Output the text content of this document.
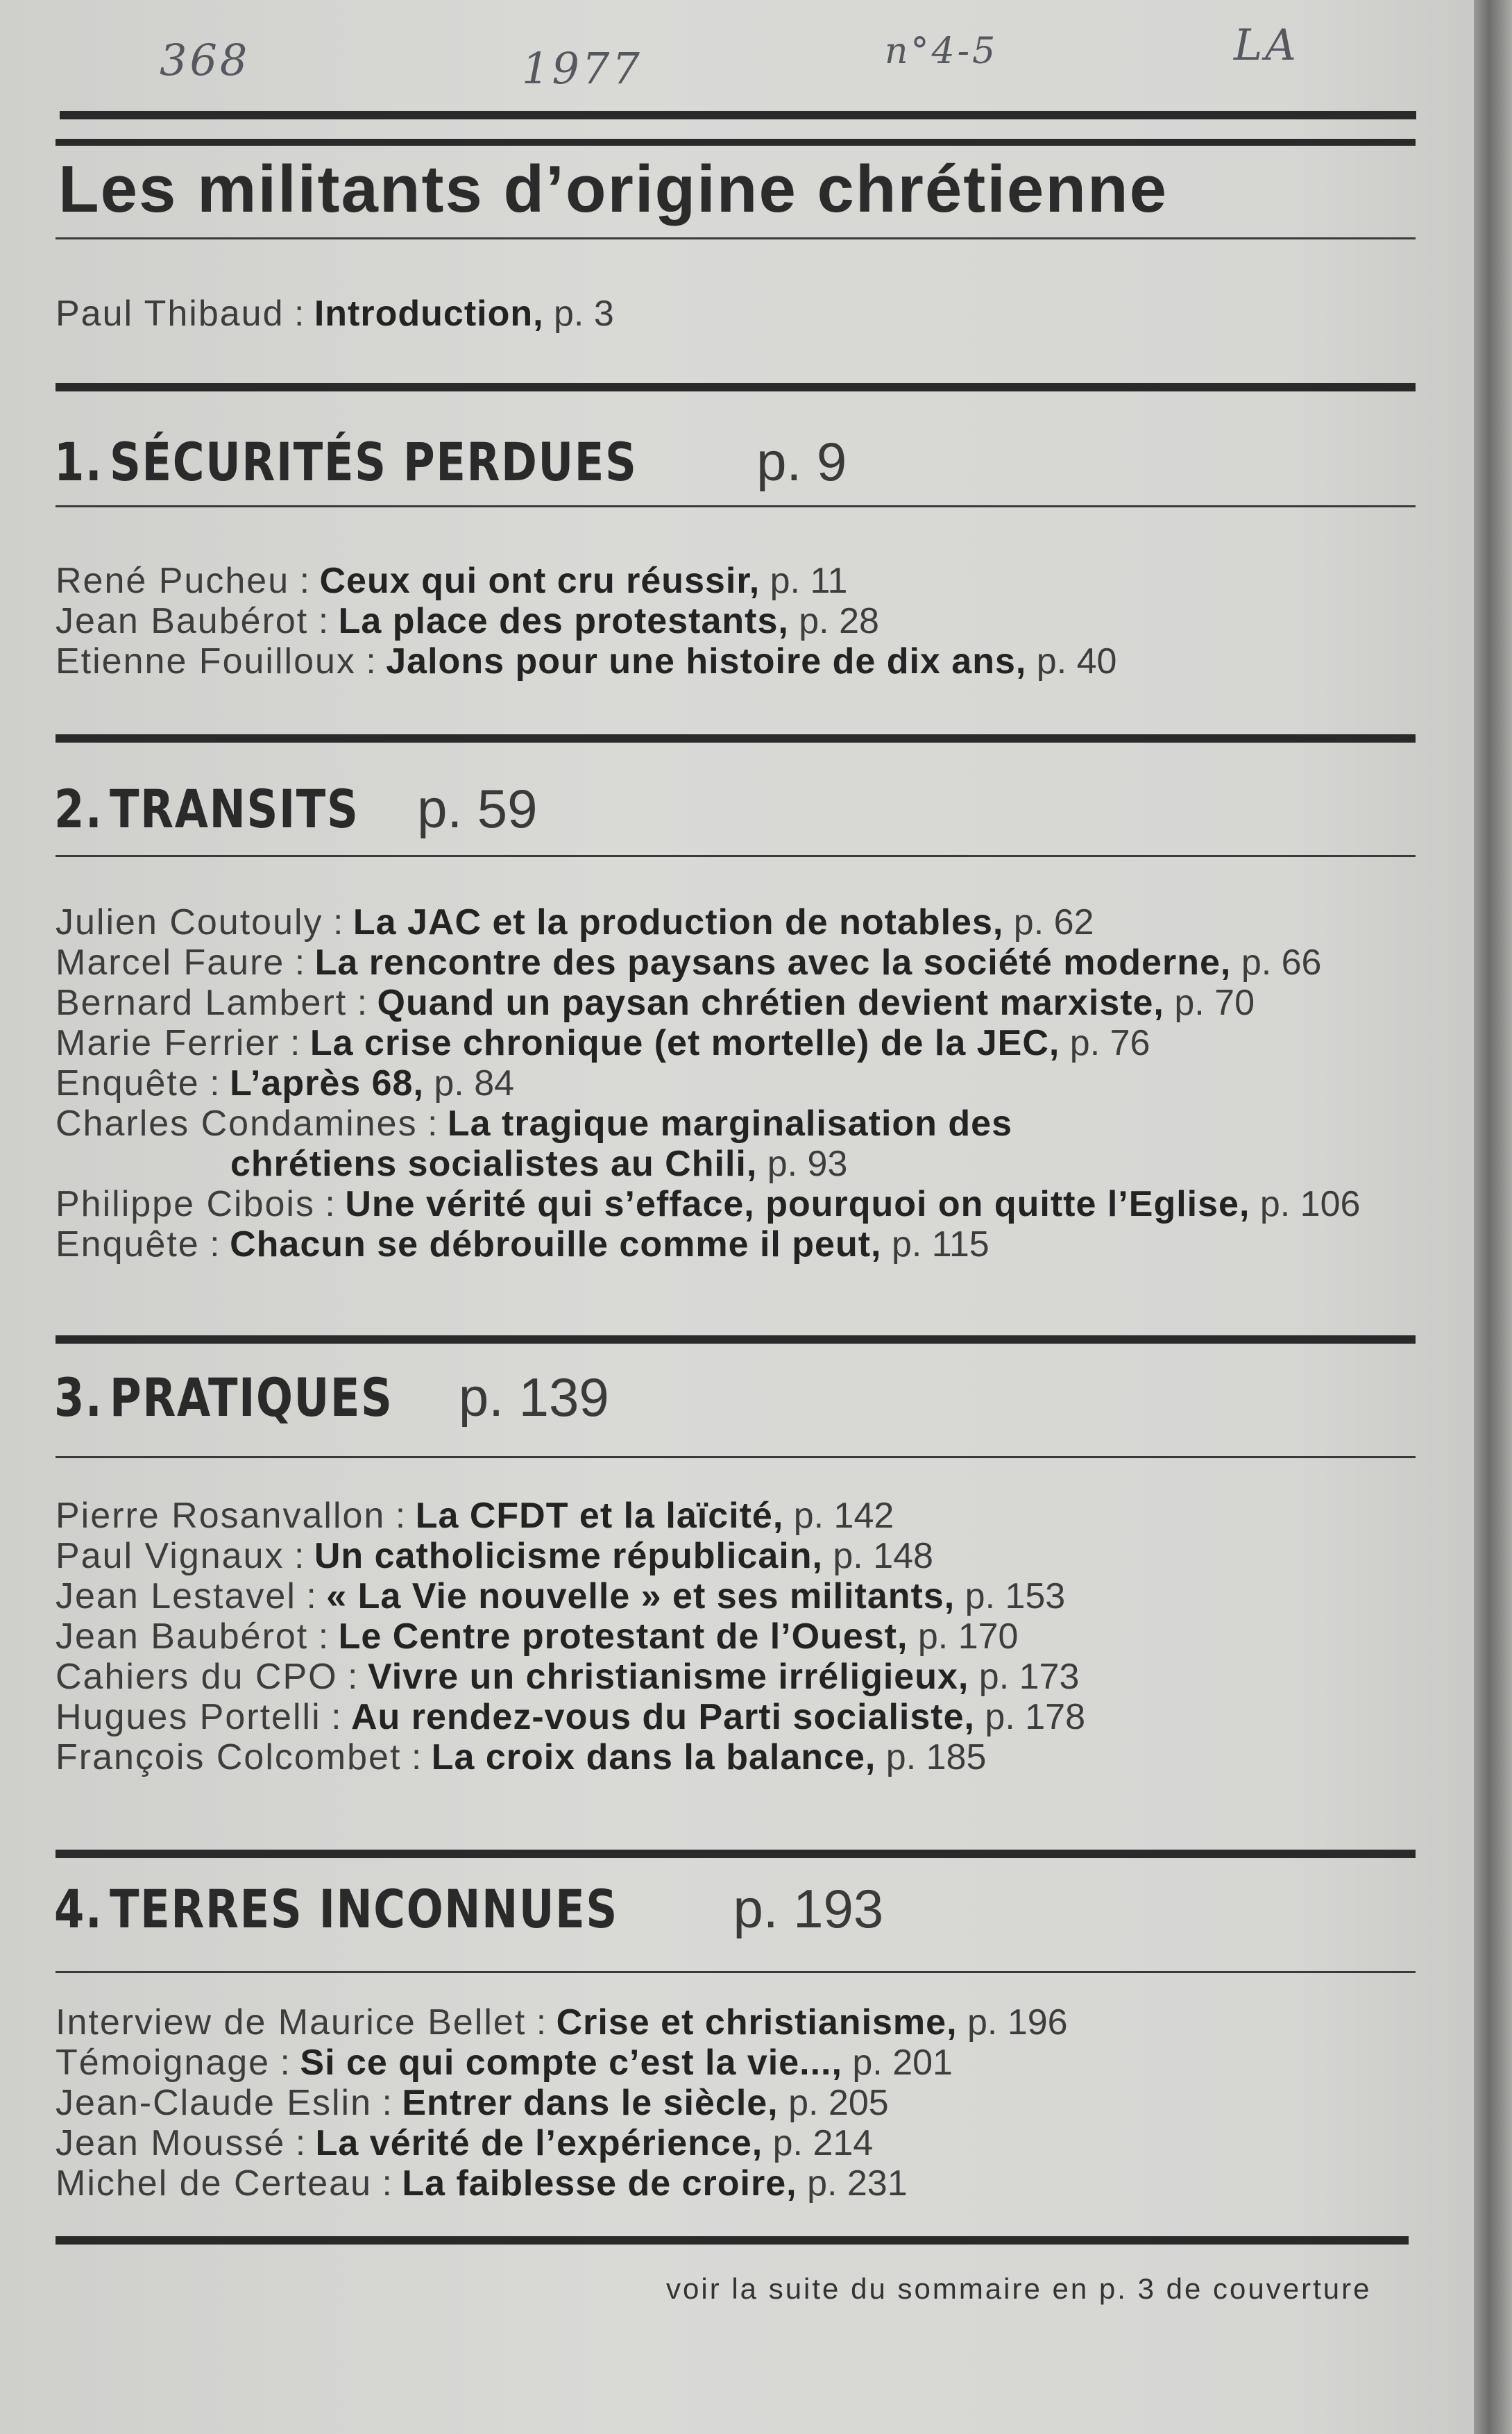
368	1977	n°4-5	LA
Les militants d’origine chrétienne
Paul Thibaud : Introduction, p. 3
1. SÉCURITÉS PERDUES p. 9
René Pucheu : Ceux qui ont cru réussir, p. 11
Jean Baubérot : La place des protestants, p. 28
Etienne Fouilloux : Jalons pour une histoire de dix ans, p. 40
2. TRANSITS p. 59
Julien Coutouly : La JAC et la production de notables, p. 62
Marcel Faure : La rencontre des paysans avec la société moderne, p. 66
Bernard Lambert : Quand un paysan chrétien devient marxiste, p. 70
Marie Ferrier : La crise chronique (et mortelle) de la JEC, p. 76
Enquête : L’après 68, p. 84
Charles Condamines : La tragique marginalisation des
chrétiens socialistes au Chili, p. 93
Philippe Cibois : Une vérité qui s’efface, pourquoi on quitte l’Eglise, p. 106
Enquête : Chacun se débrouille comme il peut, p. 115
3. PRATIQUES p. 139
Pierre Rosanvallon : La CFDT et la laïcité, p. 142
Paul Vignaux : Un catholicisme républicain, p. 148
Jean Lestavel : « La Vie nouvelle » et ses militants, p. 153
Jean Baubérot : Le Centre protestant de l’Ouest, p. 170
Cahiers du CPO : Vivre un christianisme irréligieux, p. 173
Hugues Portelli : Au rendez-vous du Parti socialiste, p. 178
François Colcombet : La croix dans la balance, p. 185
4. TERRES INCONNUES p. 193
Interview de Maurice Bellet : Crise et christianisme, p. 196
Témoignage : Si ce qui compte c’est la vie..., p. 201
Jean-Claude Eslin : Entrer dans le siècle, p. 205
Jean Moussé : La vérité de l’expérience, p. 214
Michel de Certeau : La faiblesse de croire, p. 231
voir la suite du sommaire en p. 3 de couverture
